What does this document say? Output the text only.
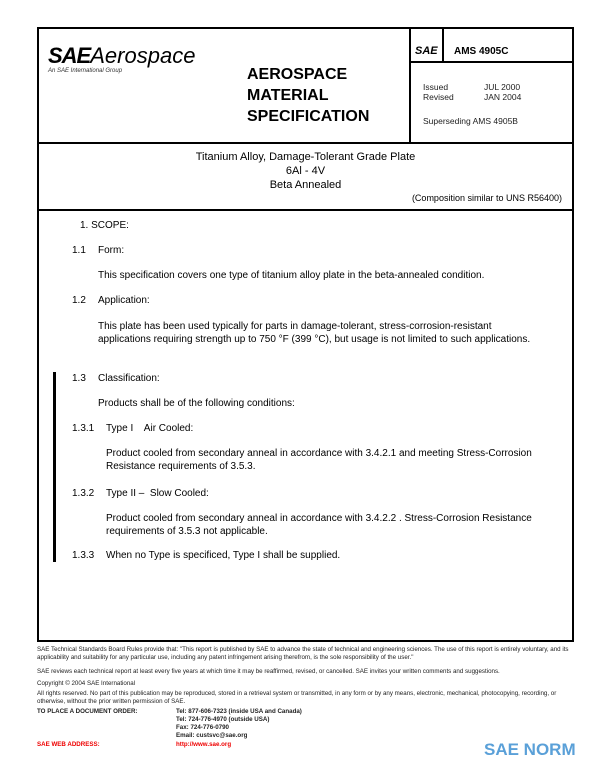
SAEAerospace
An SAE International Group	AEROSPACE
MATERIAL
SPECIFICATION
SAE AMS 4905C
Issued	JUL 2000
Revised	JAN 2004
Superseding AMS 4905B
Titanium Alloy, Damage-Tolerant Grade Plate
6Al - 4V
Beta Annealed
(Composition similar to UNS R56400)
1. SCOPE:
1.1 Form:
This specification covers one type of titanium alloy plate in the beta-annealed condition.
1.2 Application:
This plate has been used typically for parts in damage-tolerant, stress-corrosion-resistant applications requiring strength up to 750 °F (399 °C), but usage is not limited to such applications.
1.3 Classification:
Products shall be of the following conditions:
1.3.1 Type I    Air Cooled:
Product cooled from secondary anneal in accordance with 3.4.2.1 and meeting Stress-Corrosion Resistance requirements of 3.5.3.
1.3.2 Type II –  Slow Cooled:
Product cooled from secondary anneal in accordance with 3.4.2.2 . Stress-Corrosion Resistance requirements of 3.5.3 not applicable.
1.3.3 When no Type is specificed, Type I shall be supplied.
SAE Technical Standards Board Rules provide that: "This report is published by SAE to advance the state of technical and engineering sciences. The use of this report is entirely voluntary, and its applicability and suitability for any particular use, including any patent infringement arising therefrom, is the sole responsibility of the user."
SAE reviews each technical report at least every five years at which time it may be reaffirmed, revised, or cancelled. SAE invites your written comments and suggestions.
Copyright © 2004 SAE International
All rights reserved. No part of this publication may be reproduced, stored in a retrieval system or transmitted, in any form or by any means, electronic, mechanical, photocopying, recording, or otherwise, without the prior written permission of SAE.
TO PLACE A DOCUMENT ORDER:	Tel: 877-606-7323 (inside USA and Canada)
Tel: 724-776-4970 (outside USA)
Fax: 724-776-0790
Email: custsvc@sae.org
SAE WEB ADDRESS:	http://www.sae.org	SAE NORM
